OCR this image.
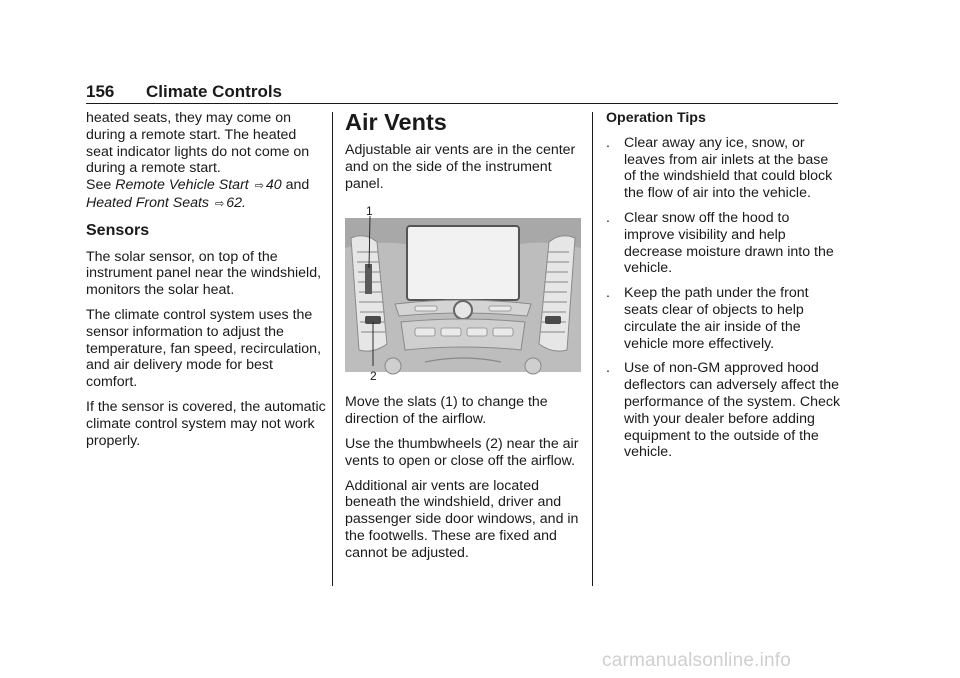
156 Climate Controls

heated seats, they may come on during a remote start. The heated seat indicator lights do not come on during a remote start.

See Remote Vehicle Start ⇨ 40 and Heated Front Seats ⇨ 62.

Sensors

The solar sensor, on top of the instrument panel near the windshield, monitors the solar heat.

The climate control system uses the sensor information to adjust the temperature, fan speed, recirculation, and air delivery mode for best comfort.

If the sensor is covered, the automatic climate control system may not work properly.

Air Vents

Adjustable air vents are in the center and on the side of the instrument panel.

1
2

Move the slats (1) to change the direction of the airflow.

Use the thumbwheels (2) near the air vents to open or close off the airflow.

Additional air vents are located beneath the windshield, driver and passenger side door windows, and in the footwells. These are fixed and cannot be adjusted.

Operation Tips
. Clear away any ice, snow, or leaves from air inlets at the base of the windshield that could block the flow of air into the vehicle.
. Clear snow off the hood to improve visibility and help decrease moisture drawn into the vehicle.
. Keep the path under the front seats clear of objects to help circulate the air inside of the vehicle more effectively.
. Use of non-GM approved hood deflectors can adversely affect the performance of the system. Check with your dealer before adding equipment to the outside of the vehicle.
carmanualsonline.info
